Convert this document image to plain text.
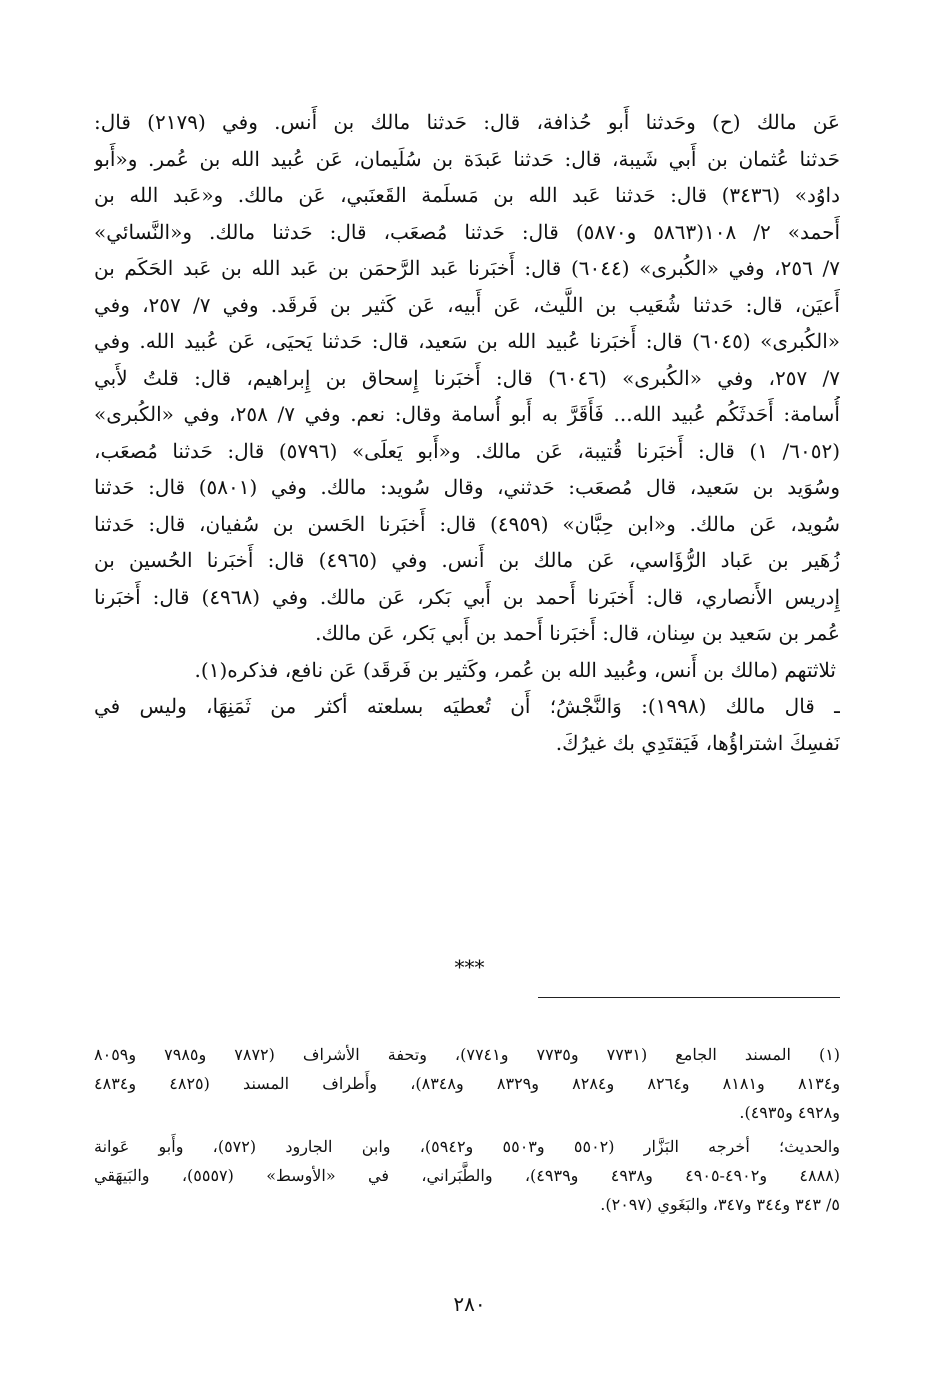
عَن مالك (ح) وحَدثنا أَبو حُذافة، قال: حَدثنا مالك بن أَنس. وفي (٢١٧٩) قال:
حَدثنا عُثمان بن أَبي شَيبة، قال: حَدثنا عَبدَة بن سُلَيمان، عَن عُبيد الله بن عُمر. و«أَبو
داوُد» (٣٤٣٦) قال: حَدثنا عَبد الله بن مَسلَمة القَعنَبي، عَن مالك. و«عَبد الله بن
أَحمد» ٢/ ١٠٨(٥٨٦٣ و٥٨٧٠) قال: حَدثنا مُصعَب، قال: حَدثنا مالك. و«النَّسائي»
٧/ ٢٥٦، وفي «الكُبرى» (٦٠٤٤) قال: أَخبَرنا عَبد الرَّحمَن بن عَبد الله بن عَبد الحَكَم بن
أَعيَن، قال: حَدثنا شُعَيب بن اللَّيث، عَن أَبيه، عَن كَثير بن فَرقَد. وفي ٧/ ٢٥٧، وفي
«الكُبرى» (٦٠٤٥) قال: أَخبَرنا عُبيد الله بن سَعيد، قال: حَدثنا يَحيَى، عَن عُبيد الله. وفي
٧/ ٢٥٧، وفي «الكُبرى» (٦٠٤٦) قال: أَخبَرنا إِسحاق بن إِبراهيم، قال: قلتُ لأَبي
أُسامة: أَحَدثَكُم عُبيد الله... فَأَقَرَّ به أَبو أُسامة وقال: نعم. وفي ٧/ ٢٥٨، وفي «الكُبرى»
(٦٠٥٢/ ١) قال: أَخبَرنا قُتيبة، عَن مالك. و«أَبو يَعلَى» (٥٧٩٦) قال: حَدثنا مُصعَب،
وسُوَيد بن سَعيد، قال مُصعَب: حَدثني، وقال سُويد: مالك. وفي (٥٨٠١) قال: حَدثنا
سُويد، عَن مالك. و«ابن حِبَّان» (٤٩٥٩) قال: أَخبَرنا الحَسن بن سُفيان، قال: حَدثنا
زُهَير بن عَباد الرُّؤَاسي، عَن مالك بن أَنس. وفي (٤٩٦٥) قال: أَخبَرنا الحُسين بن
إِدريس الأَنصاري، قال: أَخبَرنا أَحمد بن أَبي بَكر، عَن مالك. وفي (٤٩٦٨) قال: أَخبَرنا
عُمر بن سَعيد بن سِنان، قال: أَخبَرنا أَحمد بن أَبي بَكر، عَن مالك.
ثلاثتهم (مالك بن أَنس، وعُبيد الله بن عُمر، وكَثير بن فَرقَد) عَن نافع، فذكره(١).
ـ قال مالك (١٩٩٨): وَالنَّجْشُ؛ أَن تُعطيَه بسلعته أكثر من ثَمَنِهَا، وليس في
نَفسِكَ اشتراؤُها، فَيَقتَدِي بك غيرُكَ.
***
(١) المسند الجامع (٧٧٣١ و٧٧٣٥ و٧٧٤١)، وتحفة الأشراف (٧٨٧٢ و٧٩٨٥ و٨٠٥٩
و٨١٣٤ و٨١٨١ و٨٢٦٤ و٨٢٨٤ و٨٣٢٩ و٨٣٤٨)، وأَطراف المسند (٤٨٢٥ و٤٨٣٤
و٤٩٢٨ و٤٩٣٥).
والحديث؛ أخرجه البَزَّار (٥٥٠٢ و٥٥٠٣ و٥٩٤٢)، وابن الجارود (٥٧٢)، وأَبو عَوانة
(٤٨٨٨ و٤٩٠٢-٤٩٠٥ و٤٩٣٨ و٤٩٣٩)، والطَّبَراني، في «الأوسط» (٥٥٥٧)، والبَيهَقي
٥/ ٣٤٣ و٣٤٤ و٣٤٧، والبَغَوي (٢٠٩٧).
٢٨٠
